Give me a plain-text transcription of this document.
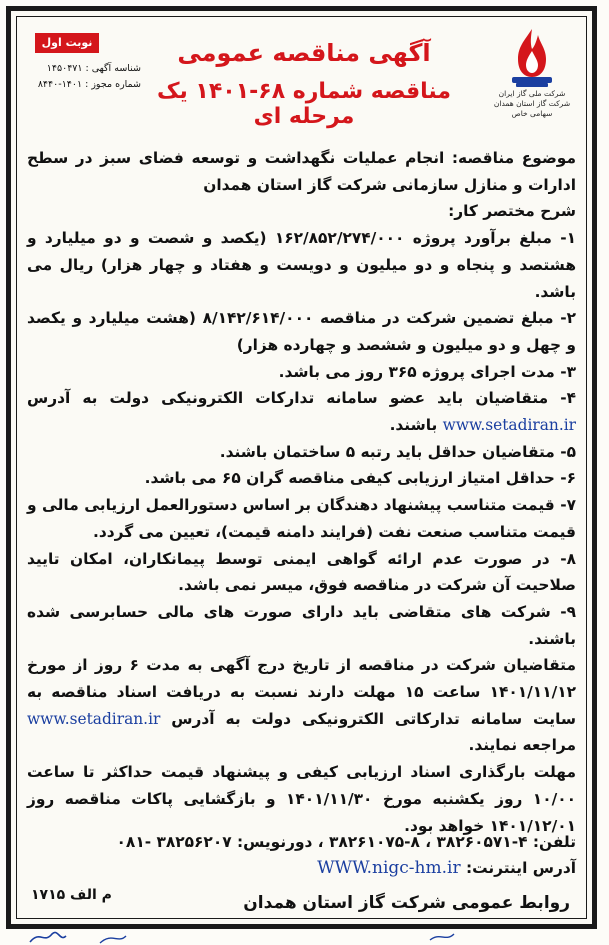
شرکت ملی گاز ایران
شرکت گاز استان همدان
سهامی خاص
آگهی مناقصه عمومی
مناقصه شماره ۶۸-۱۴۰۱ یک مرحله ای
نوبت اول
شناسه آگهی : ۱۴۵۰۴۷۱
شماره مجوز : ۱۴۰۱-۸۴۴۰

موضوع مناقصه: انجام عملیات نگهداشت و توسعه فضای سبز در سطح ادارات و منازل سازمانی شرکت گاز استان همدان

شرح مختصر کار:

۱- مبلغ برآورد پروژه ۱۶۲/۸۵۲/۲۷۴/۰۰۰ (یکصد و شصت و دو میلیارد و هشتصد و پنجاه و دو میلیون و دویست و هفتاد و چهار هزار) ریال می باشد.

۲- مبلغ تضمین شرکت در مناقصه ۸/۱۴۲/۶۱۴/۰۰۰ (هشت میلیارد و یکصد و چهل و دو میلیون و ششصد و چهارده هزار)

۳- مدت اجرای پروژه ۳۶۵ روز می باشد.

۴- متقاضیان باید عضو سامانه تدارکات الکترونیکی دولت به آدرس www.setadiran.ir باشند.

۵- متقاضیان حداقل باید رتبه ۵ ساختمان باشند.

۶- حداقل امتیاز ارزیابی کیفی مناقصه گران ۶۵ می باشد.

۷- قیمت متناسب پیشنهاد دهندگان بر اساس دستورالعمل ارزیابی مالی و قیمت متناسب صنعت نفت (فرایند دامنه قیمت)، تعیین می گردد.

۸- در صورت عدم ارائه گواهی ایمنی توسط پیمانکاران، امکان تایید صلاحیت آن شرکت در مناقصه فوق، میسر نمی باشد.

۹- شرکت های متقاضی باید دارای صورت های مالی حسابرسی شده باشند.

متقاضیان شرکت در مناقصه از تاریخ درج آگهی به مدت ۶ روز از مورخ ۱۴۰۱/۱۱/۱۲ ساعت ۱۵ مهلت دارند نسبت به دریافت اسناد مناقصه به سایت سامانه تدارکاتی الکترونیکی دولت به آدرس www.setadiran.ir مراجعه نمایند.

مهلت بارگذاری اسناد ارزیابی کیفی و پیشنهاد قیمت حداکثر تا ساعت ۱۰/۰۰ روز یکشنبه مورخ ۱۴۰۱/۱۱/۳۰ و بازگشایی پاکات مناقصه روز ۱۴۰۱/۱۲/۰۱ خواهد بود.

تلفن: ۴-۳۸۲۶۰۵۷۱ ، ۸-۳۸۲۶۱۰۷۵ ، دورنویس: ۳۸۲۵۶۲۰۷ -۰۸۱
آدرس اینترنت: WWW.nigc-hm.ir
م الف ۱۷۱۵	روابط عمومی شرکت گاز استان همدان
